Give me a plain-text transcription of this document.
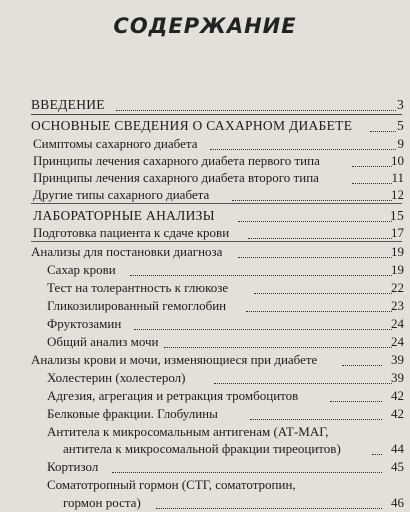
СОДЕРЖАНИЕ
ВВЕДЕНИЕ	3
ОСНОВНЫЕ СВЕДЕНИЯ О САХАРНОМ ДИАБЕТЕ	5
Симптомы сахарного диабета	9
Принципы лечения сахарного диабета первого типа	10
Принципы лечения сахарного диабета второго типа	11
Другие типы сахарного диабета	12
ЛАБОРАТОРНЫЕ АНАЛИЗЫ	15
Подготовка пациента к сдаче крови	17
Анализы для постановки диагноза	19
Сахар крови	19
Тест на толерантность к глюкозе	22
Гликозилированный гемоглобин	23
Фруктозамин	24
Общий анализ мочи	24
Анализы крови и мочи, изменяющиеся при диабете	39
Холестерин (холестерол)	39
Адгезия, агрегация и ретракция тромбоцитов	42
Белковые фракции. Глобулины	42
Антитела к микросомальным антигенам (АТ-МАГ,
антитела к микросомальной фракции тиреоцитов)	44
Кортизол	45
Соматотропный гормон (СТГ, соматотропин,
гормон роста)	46
